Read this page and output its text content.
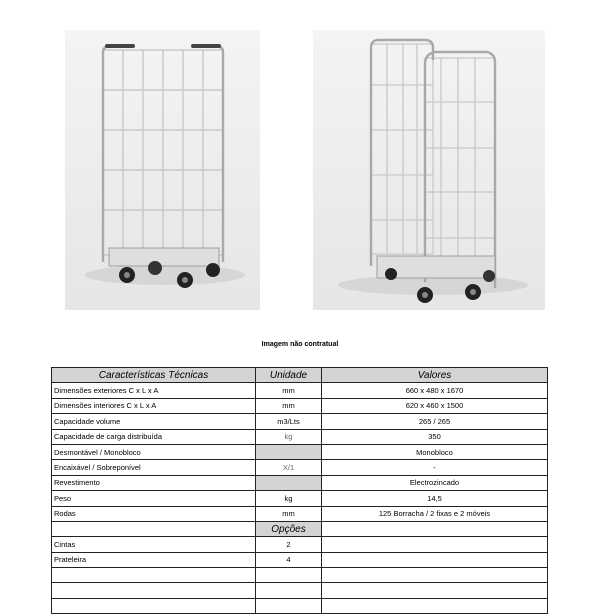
Imagem não contratual
Características Técnicas	Unidade	Valores
Dimensões exteriores C x L x A	mm	660 x 480 x 1670
Dimensões interiores C x L x A	mm	620 x 460 x 1500
Capacidade volume	m3/Lts	265 / 265
Capacidade de carga distribuída	kg	350
Desmontável / Monobloco		Monobloco
Encaixável / Sobreponível	X/1	-
Revestimento		Electrozincado
Peso	kg	14,5
Rodas	mm	125 Borracha / 2 fixas e 2 móveis
	Opções	
Cintas	2	
Prateleira	4	
